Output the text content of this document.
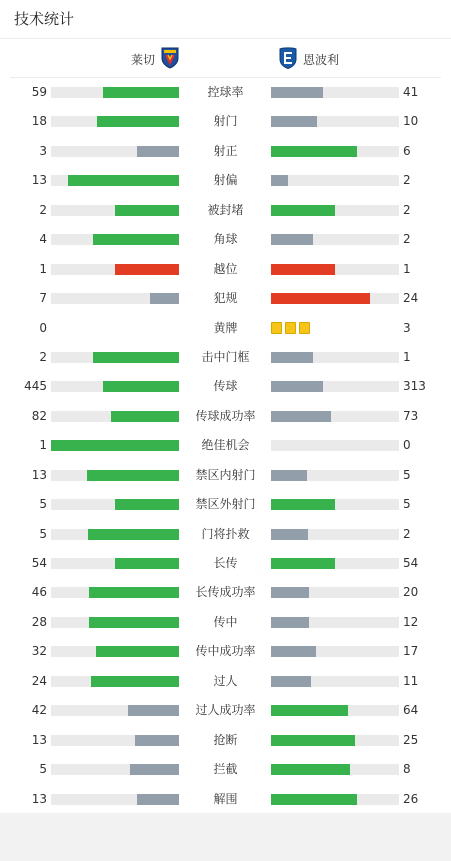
技术统计
莱切	恩波利
59	控球率	41
18	射门	10
3	射正	6
13	射偏	2
2	被封堵	2
4	角球	2
1	越位	1
7	犯规	24
0	黄牌	3
2	击中门框	1
445	传球	313
82	传球成功率	73
1	绝佳机会	0
13	禁区内射门	5
5	禁区外射门	5
5	门将扑救	2
54	长传	54
46	长传成功率	20
28	传中	12
32	传中成功率	17
24	过人	11
42	过人成功率	64
13	抢断	25
5	拦截	8
13	解围	26
